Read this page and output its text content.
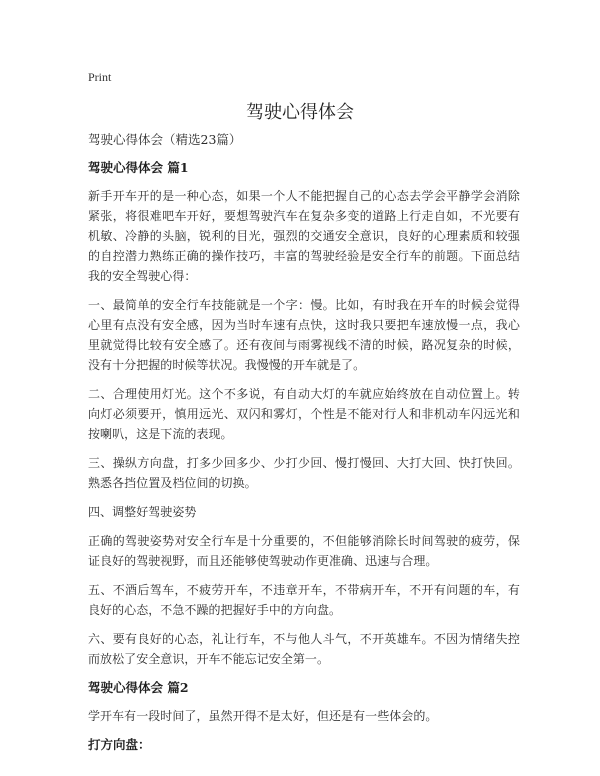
Print
驾驶心得体会

驾驶心得体会（精选23篇）

驾驶心得体会 篇1

新手开车开的是一种心态，如果一个人不能把握自己的心态去学会平静学会消除紧张，将很难吧车开好，要想驾驶汽车在复杂多变的道路上行走自如，不光要有机敏、冷静的头脑，锐利的目光，强烈的交通安全意识，良好的心理素质和较强的自控潜力熟练正确的操作技巧，丰富的驾驶经验是安全行车的前题。下面总结我的安全驾驶心得：

一、最简单的安全行车技能就是一个字：慢。比如，有时我在开车的时候会觉得心里有点没有安全感，因为当时车速有点快，这时我只要把车速放慢一点，我心里就觉得比较有安全感了。还有夜间与雨雾视线不清的时候，路况复杂的时候，没有十分把握的时候等状况。我慢慢的开车就是了。

二、合理使用灯光。这个不多说，有自动大灯的车就应始终放在自动位置上。转向灯必须要开，慎用远光、双闪和雾灯，个性是不能对行人和非机动车闪远光和按喇叭，这是下流的表现。

三、操纵方向盘，打多少回多少、少打少回、慢打慢回、大打大回、快打快回。熟悉各挡位置及档位间的切换。

四、调整好驾驶姿势

正确的驾驶姿势对安全行车是十分重要的，不但能够消除长时间驾驶的疲劳，保证良好的驾驶视野，而且还能够使驾驶动作更准确、迅速与合理。

五、不酒后驾车，不疲劳开车，不违章开车，不带病开车，不开有问题的车，有良好的心态，不急不躁的把握好手中的方向盘。

六、要有良好的心态，礼让行车，不与他人斗气，不开英雄车。不因为情绪失控而放松了安全意识，开车不能忘记安全第一。

驾驶心得体会 篇2

学开车有一段时间了，虽然开得不是太好，但还是有一些体会的。

打方向盘：
